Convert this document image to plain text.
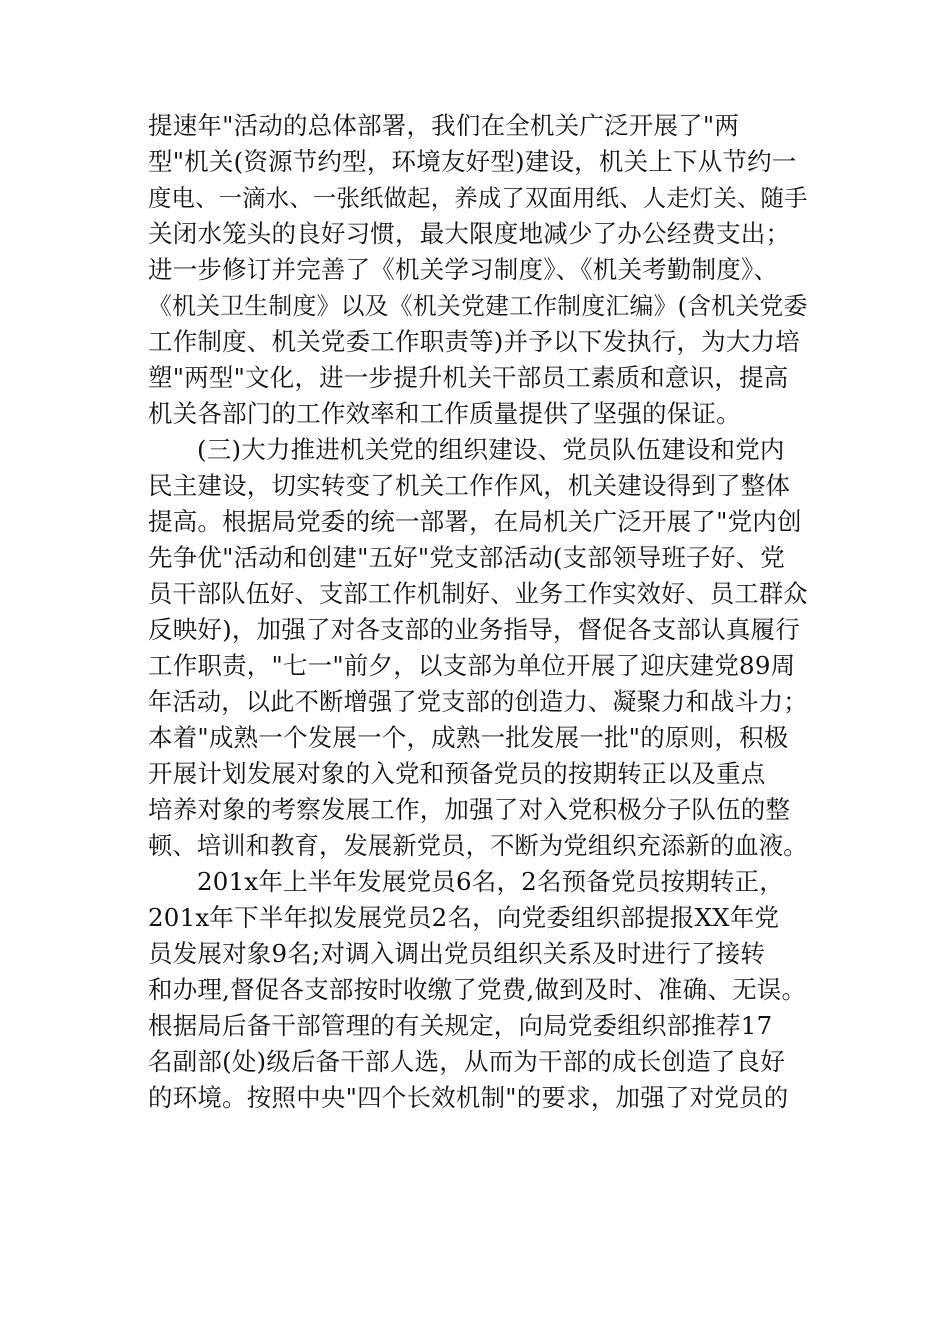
提速年"活动的总体部署，我们在全机关广泛开展了"两
型"机关(资源节约型，环境友好型)建设，机关上下从节约一
度电、一滴水、一张纸做起，养成了双面用纸、人走灯关、随手
关闭水笼头的良好习惯，最大限度地减少了办公经费支出；
进一步修订并完善了《机关学习制度》、《机关考勤制度》、
《机关卫生制度》以及《机关党建工作制度汇编》(含机关党委
工作制度、机关党委工作职责等)并予以下发执行，为大力培
塑"两型"文化，进一步提升机关干部员工素质和意识，提高
机关各部门的工作效率和工作质量提供了坚强的保证。
(三)大力推进机关党的组织建设、党员队伍建设和党内
民主建设，切实转变了机关工作作风，机关建设得到了整体
提高。根据局党委的统一部署，在局机关广泛开展了"党内创
先争优"活动和创建"五好"党支部活动(支部领导班子好、党
员干部队伍好、支部工作机制好、业务工作实效好、员工群众
反映好)，加强了对各支部的业务指导，督促各支部认真履行
工作职责，"七一"前夕，以支部为单位开展了迎庆建党89周
年活动，以此不断增强了党支部的创造力、凝聚力和战斗力；
本着"成熟一个发展一个，成熟一批发展一批"的原则，积极
开展计划发展对象的入党和预备党员的按期转正以及重点
培养对象的考察发展工作，加强了对入党积极分子队伍的整
顿、培训和教育，发展新党员，不断为党组织充添新的血液。
201x年上半年发展党员6名，2名预备党员按期转正，
201x年下半年拟发展党员2名，向党委组织部提报XX年党
员发展对象9名;对调入调出党员组织关系及时进行了接转
和办理,督促各支部按时收缴了党费,做到及时、准确、无误。
根据局后备干部管理的有关规定，向局党委组织部推荐17
名副部(处)级后备干部人选，从而为干部的成长创造了良好
的环境。按照中央"四个长效机制"的要求，加强了对党员的
